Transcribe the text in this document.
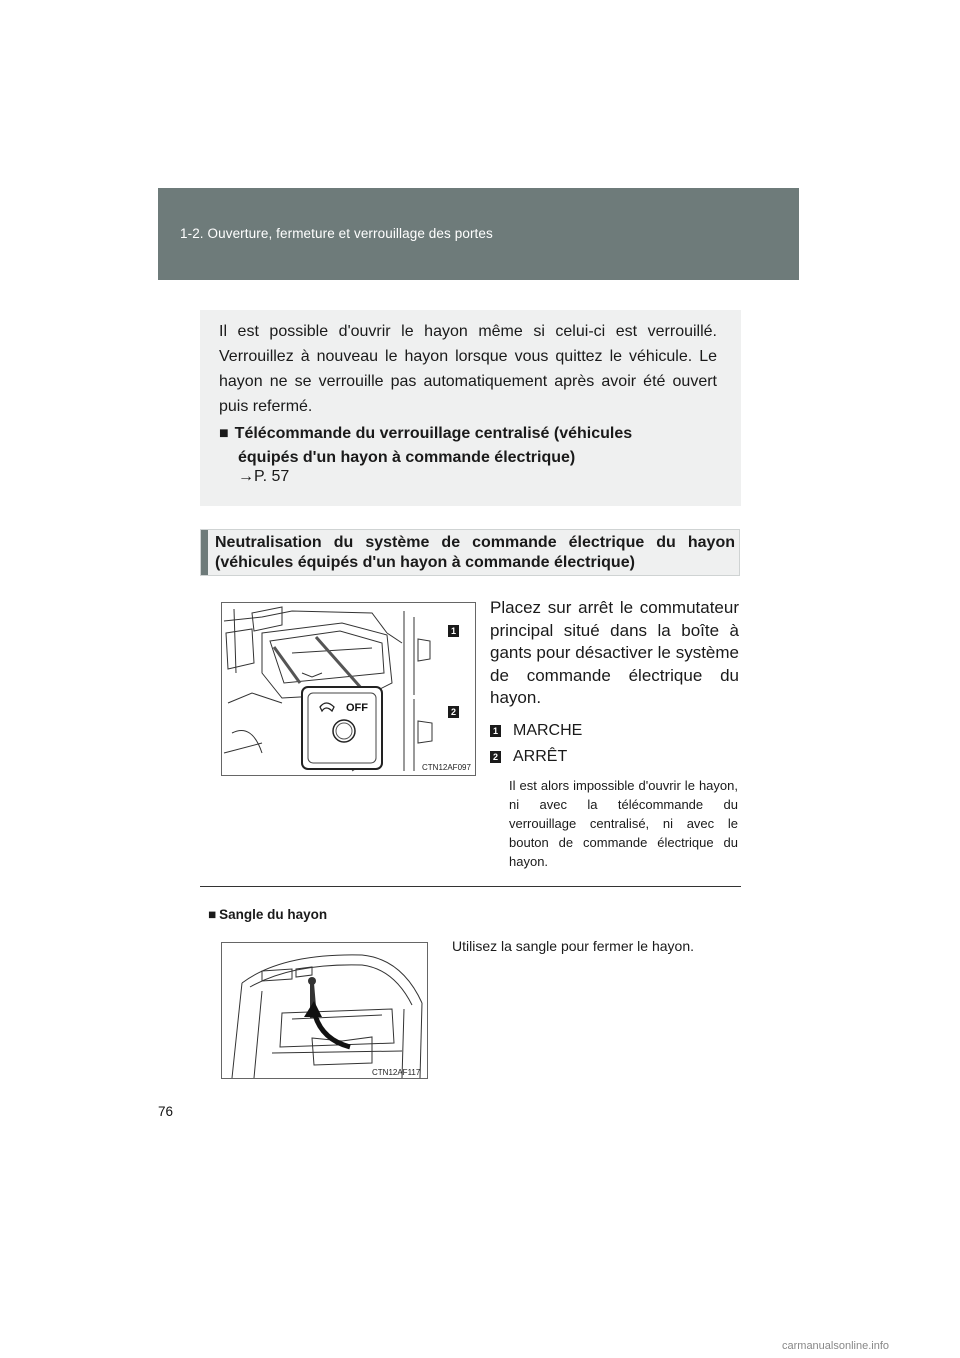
1-2. Ouverture, fermeture et verrouillage des portes

Il est possible d'ouvrir le hayon même si celui-ci est verrouillé. Verrouillez à nouveau le hayon lorsque vous quittez le véhicule. Le hayon ne se verrouille pas automatiquement après avoir été ouvert puis refermé.

■ Télécommande du verrouillage centralisé (véhicules
équipés d'un hayon à commande électrique)
→P. 57
Neutralisation du système de commande électrique du hayon (véhicules équipés d'un hayon à commande électrique)
OFF
1
2
CTN12AF097

Placez sur arrêt le commutateur principal situé dans la boîte à gants pour désactiver le système de commande électrique du hayon.

1 MARCHE
2 ARRÊT

Il est alors impossible d'ouvrir le hayon, ni avec la télécommande du verrouillage centralisé, ni avec le bouton de commande électrique du hayon.

■ Sangle du hayon
CTN12AF117
Utilisez la sangle pour fermer le hayon.
76
carmanualsonline.info
